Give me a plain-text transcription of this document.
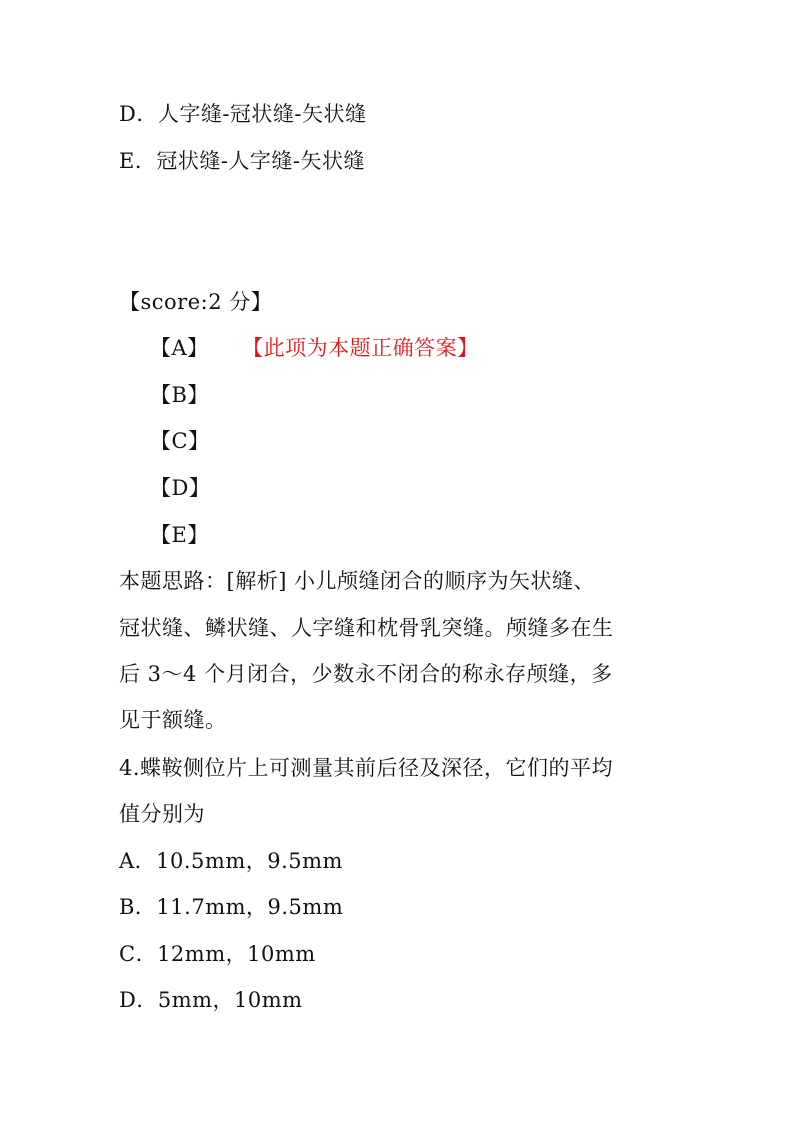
D．人字缝-冠状缝-矢状缝
E．冠状缝-人字缝-矢状缝
【score:2 分】
【A】 【此项为本题正确答案】
【B】
【C】
【D】
【E】
本题思路：[解析] 小儿颅缝闭合的顺序为矢状缝、
冠状缝、鳞状缝、人字缝和枕骨乳突缝。颅缝多在生
后 3～4 个月闭合，少数永不闭合的称永存颅缝，多
见于额缝。
4.蝶鞍侧位片上可测量其前后径及深径，它们的平均
值分别为
A．10.5mm，9.5mm
B．11.7mm，9.5mm
C．12mm，10mm
D．5mm，10mm
